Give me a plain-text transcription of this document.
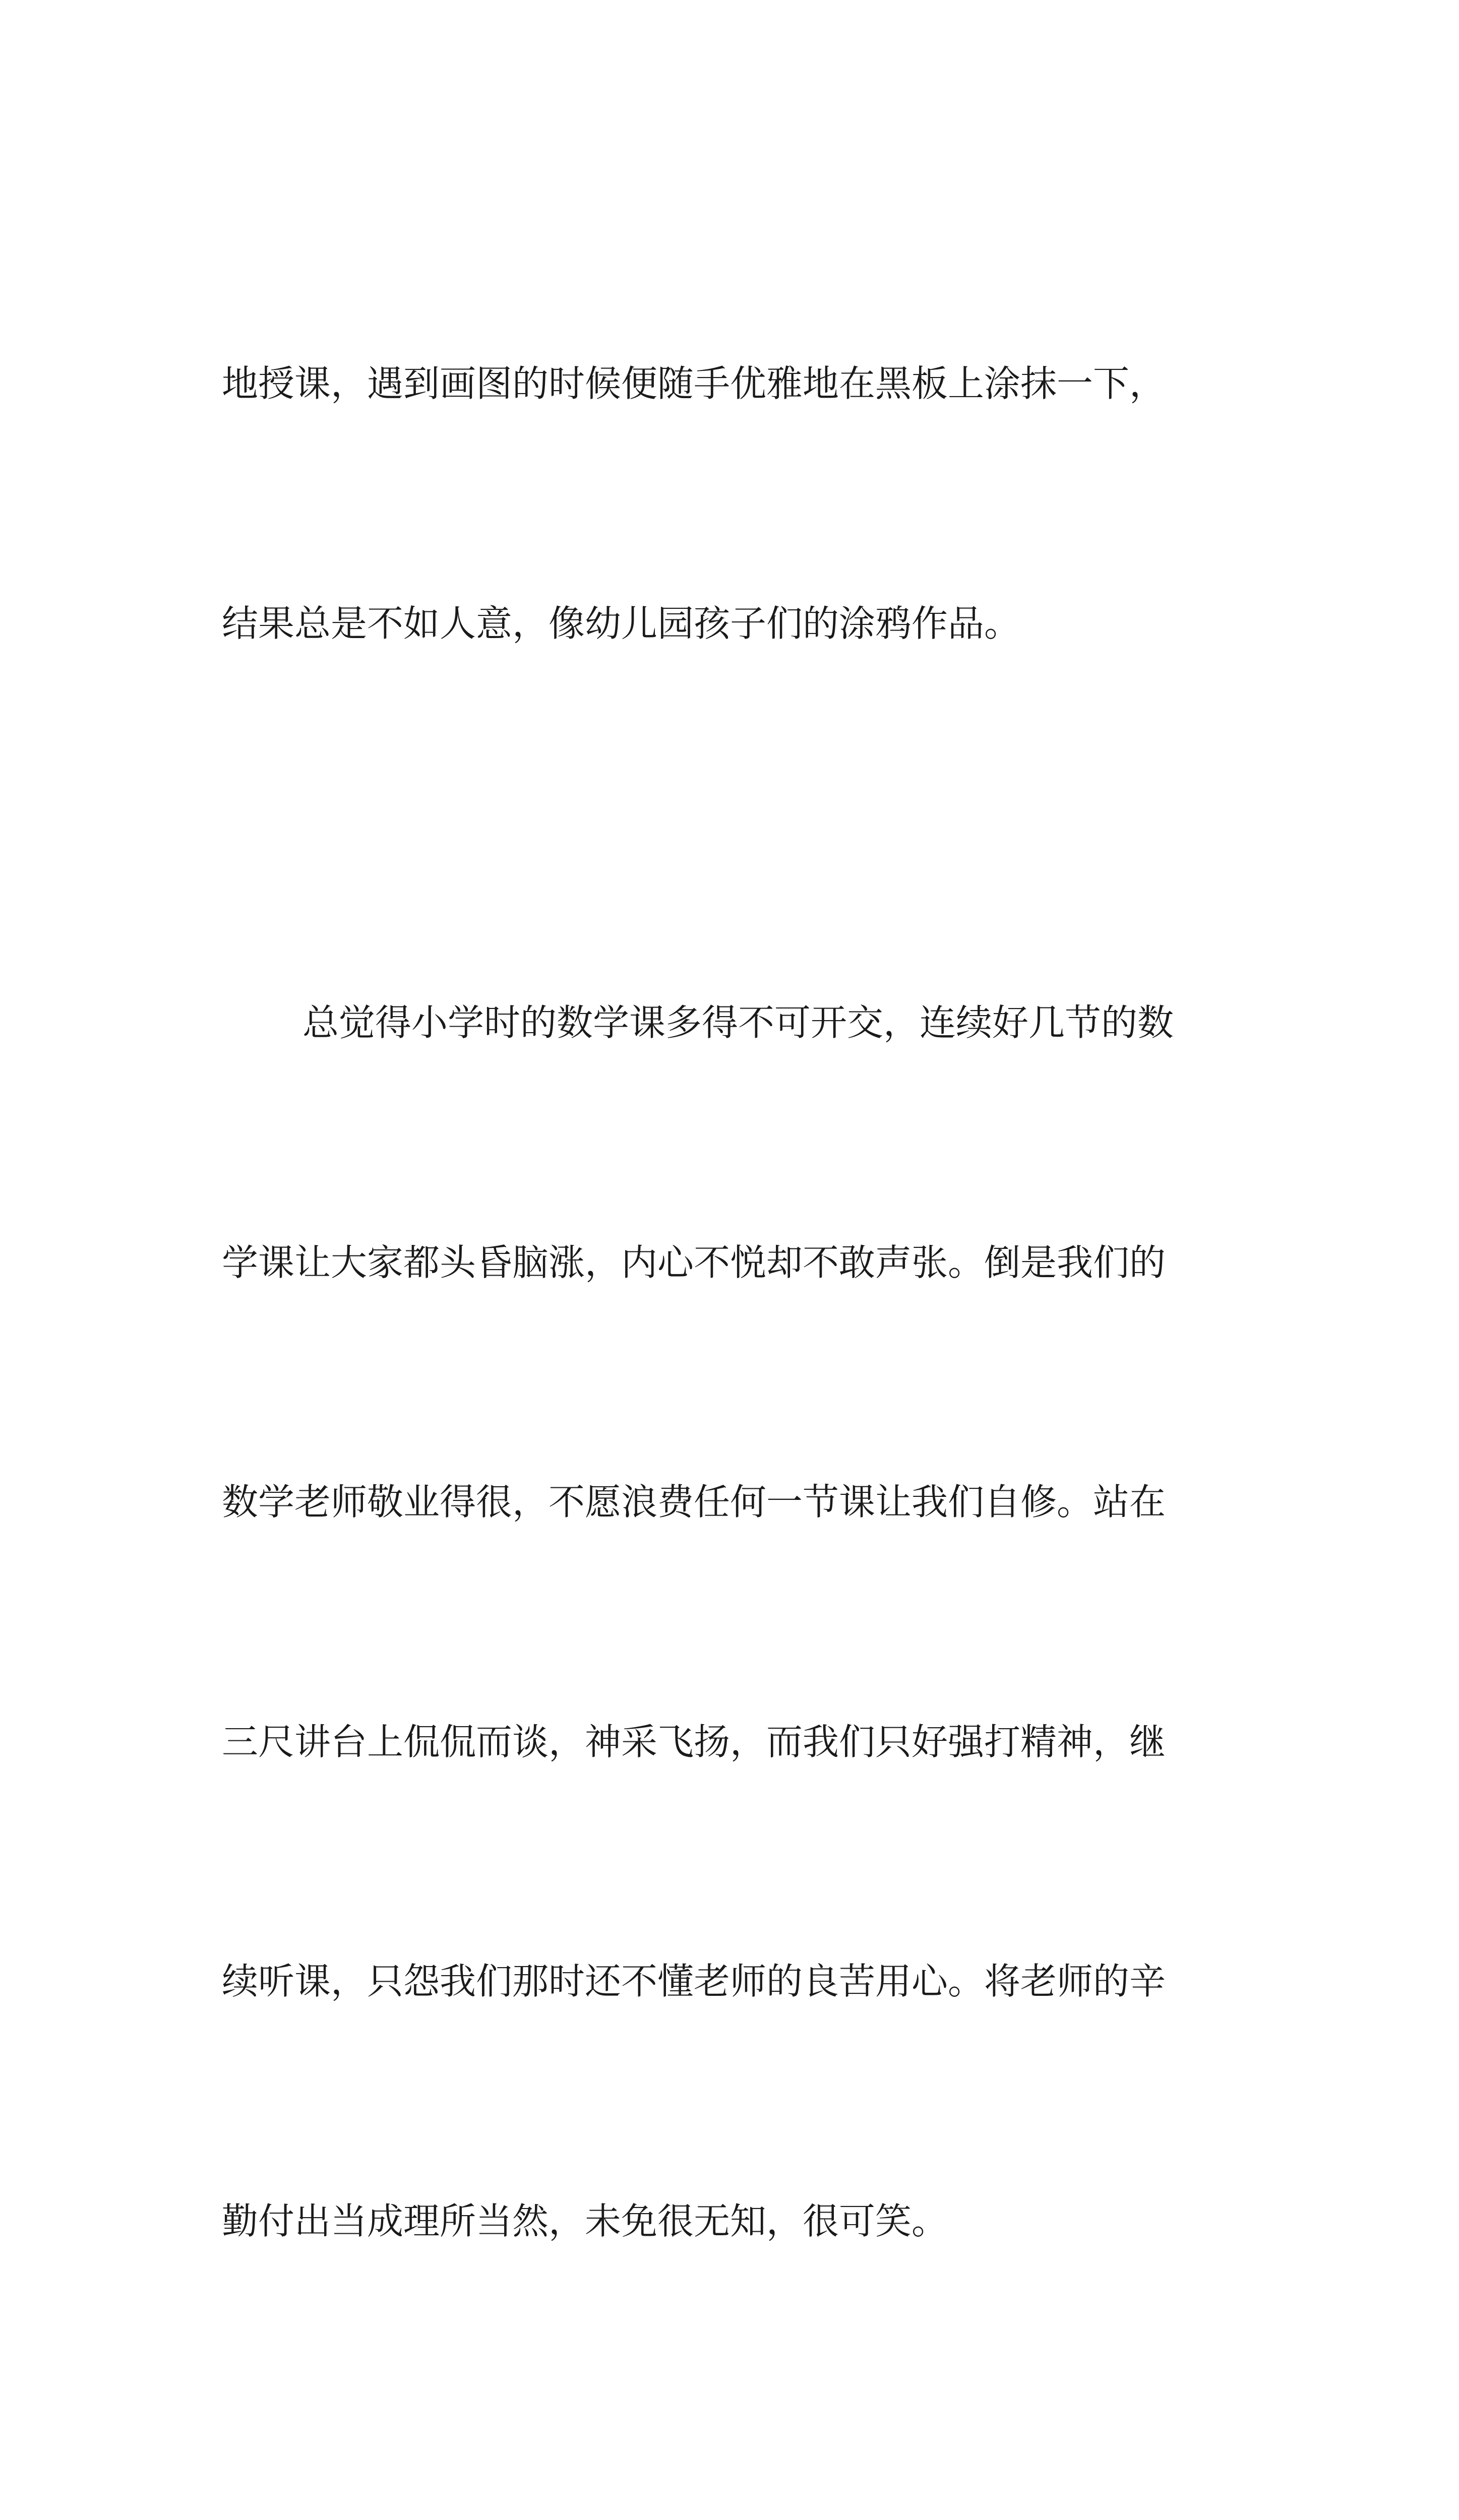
地授课，遇到画图的时候便随手优雅地在黑板上涂抹一下，

结果总是不如人意，像幼儿园孩子们的涂鸦作品。

总觉得小学时的数学课多得不可开交，连续好几节的数

学课让大家都头昏脑涨，内心不悦却不敢声张。倒是我们的

数学老师敬业得很，不愿浪费任何一节课让我们自修。站在

三尺讲台上侃侃而谈，神采飞扬，而我们只好强打精神，继

续听课，只怨我们那时还不懂老师的良苦用心。将老师的辛

勤付出当成理所当然，未免很无知，很可笑。
